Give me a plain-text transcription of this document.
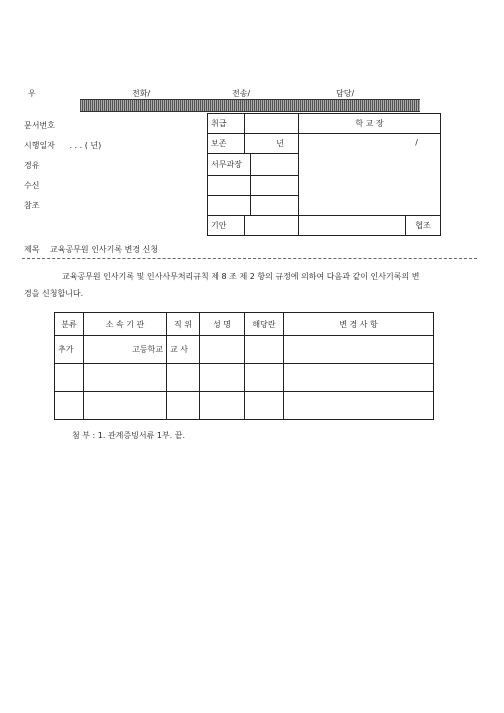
우	전화/	전송/	담당/
문서번호
시행일자 . . . ( 년)
경유
수신
참조
취급			학 교 장	
보존	년		/	
서무과장				

기안				협조
제목 교육공무원 인사기록 변경 신청
교육공무원 인사기록 및 인사사무처리규칙 제 8 조 제 2 항의 규정에 의하여 다음과 같이 인사기록의 변
경을 신청합니다.
분류	소 속 기 관	직 위	성 명	해당란	변 경 사 항
추가	고등학교	교 사			

첨 부 : 1. 관계증빙서류 1부. 끝.
